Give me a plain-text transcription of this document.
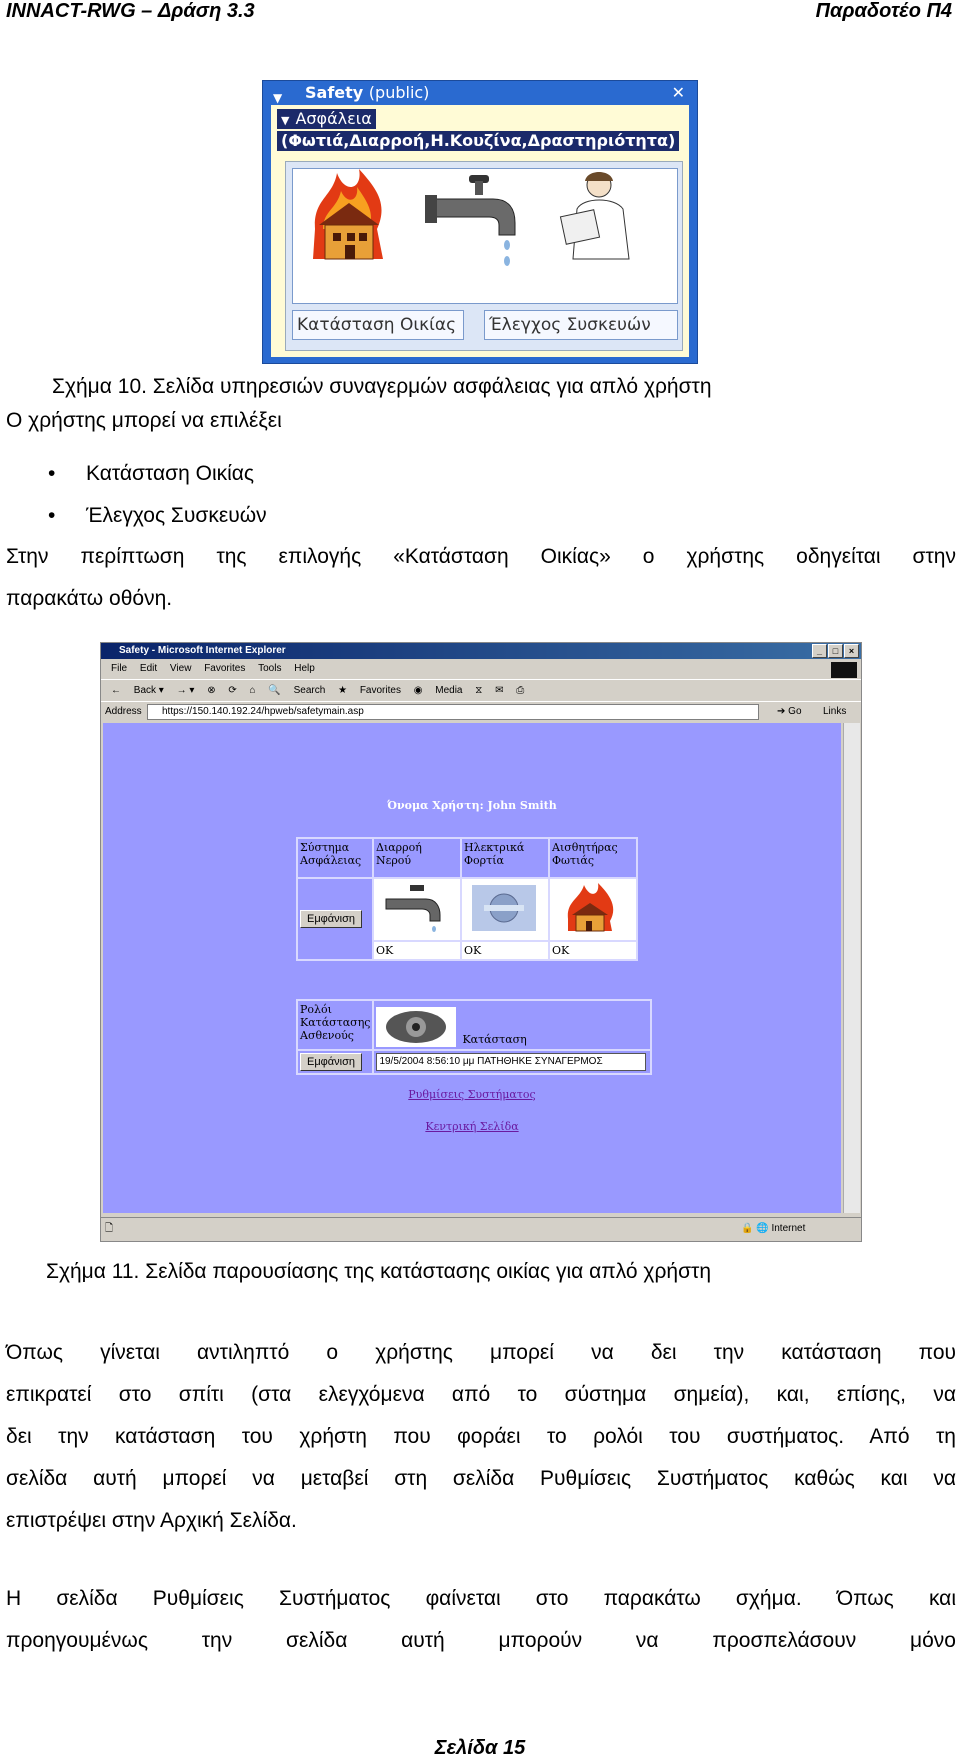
INNACT-RWG – Δράση 3.3	Παραδοτέο Π4
▼ Safety (public)	✕
▼ Ασφάλεια
(Φωτιά,Διαρροή,Η.Κουζίνα,Δραστηριότητα)
Κατάσταση Οικίας	Έλεγχος Συσκευών
Σχήμα 10. Σελίδα υπηρεσιών συναγερμών ασφάλειας για απλό χρήστη
Ο χρήστης μπορεί να επιλέξει
• Κατάσταση Οικίας
• Έλεγχος Συσκευών
Στην περίπτωση της επιλογής «Κατάσταση Οικίας» ο χρήστης οδηγείται στην
παρακάτω οθόνη.
Safety - Microsoft Internet Explorer	_ □ ×
File Edit View Favorites Tools Help
← Back ▾ → ▾ ⊗ ⟳ ⌂ 🔍 Search ★ Favorites ◉ Media ⧖ ✉ ⎙
Address	https://150.140.192.24/hpweb/safetymain.asp	➔ Go Links
Όνομα Χρήστη: John Smith
Σύστημα Ασφάλειας	Διαρροή Νερού	Ηλεκτρικά Φορτία	Αισθητήρας Φωτιάς
Εμφάνιση			
	OK	OK	OK
Ρολόι Κατάστασης Ασθενούς	Κατάσταση
Εμφάνιση	19/5/2004 8:56:10 μμ ΠΑΤΗΘΗΚΕ ΣΥΝΑΓΕΡΜΟΣ
Ρυθμίσεις Συστήματος
Κεντρική Σελίδα
🗋	🔒 🌐 Internet
Σχήμα 11. Σελίδα παρουσίασης της κατάστασης οικίας για απλό χρήστη
Όπως γίνεται αντιληπτό ο χρήστης μπορεί να δει την κατάσταση που
επικρατεί στο σπίτι (στα ελεγχόμενα από το σύστημα σημεία), και, επίσης, να
δει την κατάσταση του χρήστη που φοράει το ρολόι του συστήματος. Από τη
σελίδα αυτή μπορεί να μεταβεί στη σελίδα Ρυθμίσεις Συστήματος καθώς και να
επιστρέψει στην Αρχική Σελίδα.
Η σελίδα Ρυθμίσεις Συστήματος φαίνεται στο παρακάτω σχήμα. Όπως και
προηγουμένως την σελίδα αυτή μπορούν να προσπελάσουν μόνο
Σελίδα 15
